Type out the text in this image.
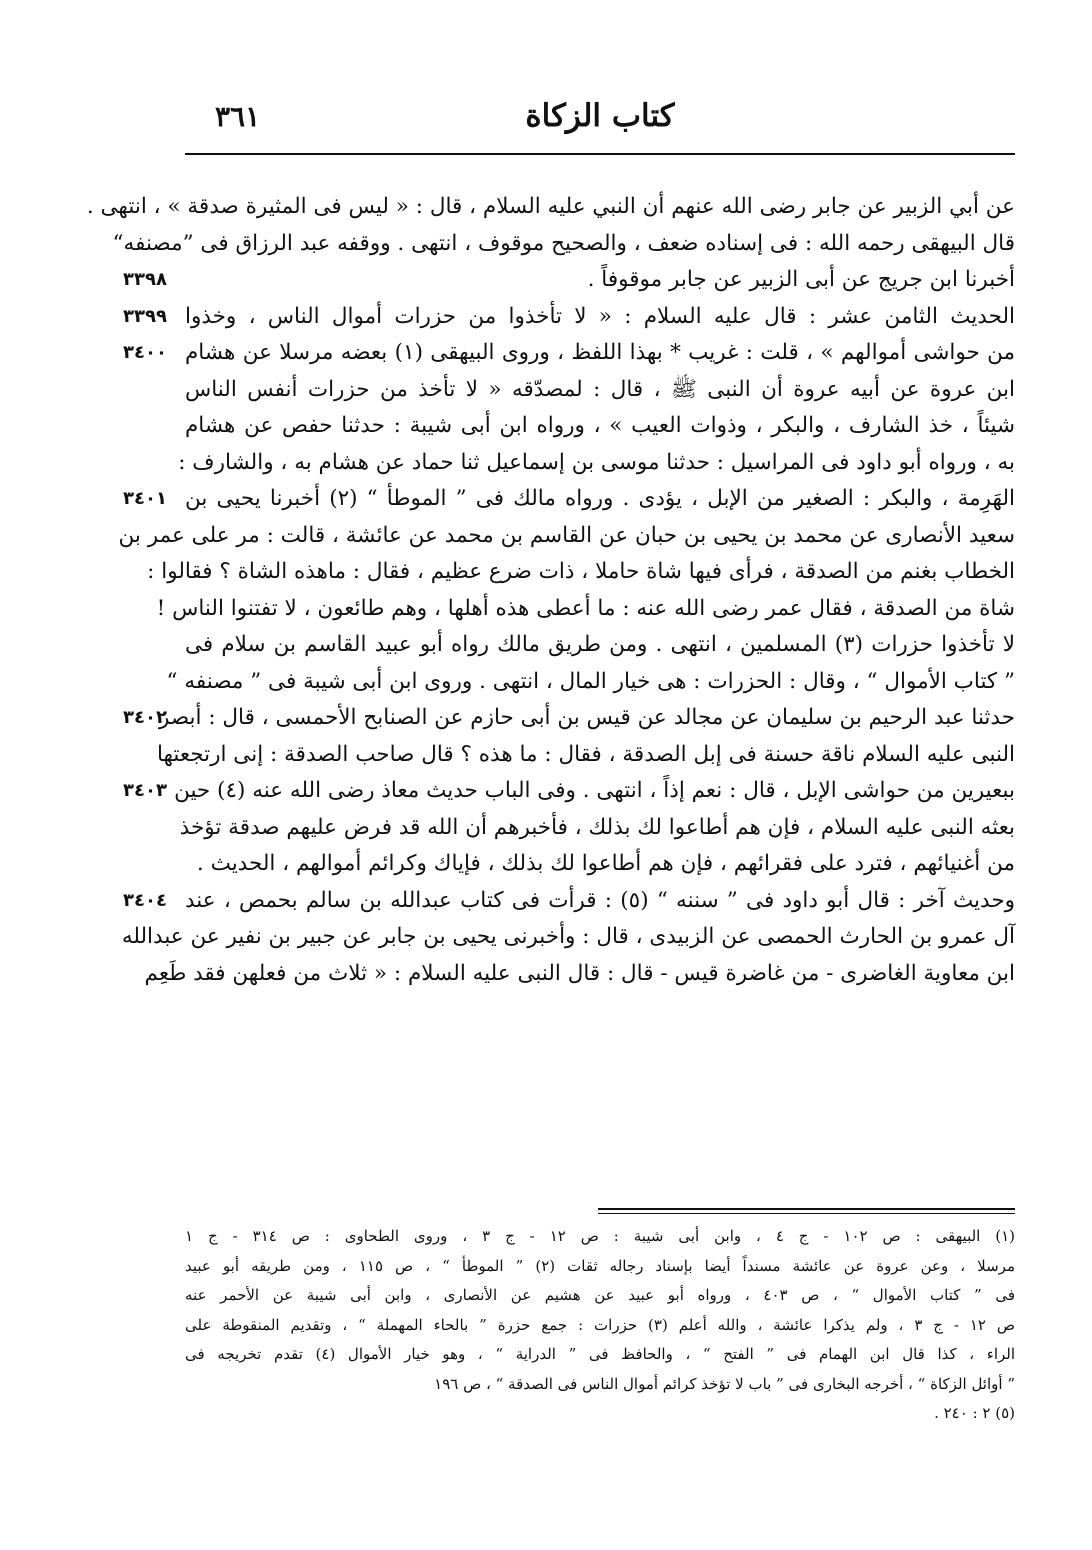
كتاب الزكاة
٣٦١
عن أبي الزبير عن جابر رضى الله عنهم أن النبي عليه السلام ، قال : « ليس فى المثيرة صدقة » ، انتهى .
قال البيهقى رحمه الله : فى إسناده ضعف ، والصحيح موقوف ، انتهى . ووقفه عبد الرزاق فى ”مصنفه“
أخبرنا ابن جريج عن أبى الزبير عن جابر موقوفاً .
٣٣٩٨
الحديث الثامن عشر : قال عليه السلام : « لا تأخذوا من حزرات أموال الناس ، وخذوا
٣٣٩٩
من حواشى أموالهم » ، قلت : غريب * بهذا اللفظ ، وروى البيهقى (١) بعضه مرسلا عن هشام
٣٤٠٠
ابن عروة عن أبيه عروة أن النبى ﷺ ، قال : لمصدّقه « لا تأخذ من حزرات أنفس الناس
شيئاً ، خذ الشارف ، والبكر ، وذوات العيب » ، ورواه ابن أبى شيبة : حدثنا حفص عن هشام
به ، ورواه أبو داود فى المراسيل : حدثنا موسى بن إسماعيل ثنا حماد عن هشام به ، والشارف :
الهَرِمة ، والبكر : الصغير من الإبل ، يؤدى . ورواه مالك فى ” الموطأ “ (٢) أخبرنا يحيى بن
٣٤٠١
سعيد الأنصارى عن محمد بن يحيى بن حبان عن القاسم بن محمد عن عائشة ، قالت : مر على عمر بن
الخطاب بغنم من الصدقة ، فرأى فيها شاة حاملا ، ذات ضرع عظيم ، فقال : ماهذه الشاة ؟ فقالوا :
شاة من الصدقة ، فقال عمر رضى الله عنه : ما أعطى هذه أهلها ، وهم طائعون ، لا تفتنوا الناس !
لا تأخذوا حزرات (٣) المسلمين ، انتهى . ومن طريق مالك رواه أبو عبيد القاسم بن سلام فى
” كتاب الأموال “ ، وقال : الحزرات : هى خيار المال ، انتهى . وروى ابن أبى شيبة فى ” مصنفه “
حدثنا عبد الرحيم بن سليمان عن مجالد عن قيس بن أبى حازم عن الصنابح الأحمسى ، قال : أبصر
٣٤٠٢
النبى عليه السلام ناقة حسنة فى إبل الصدقة ، فقال : ما هذه ؟ قال صاحب الصدقة : إنى ارتجعتها
ببعيرين من حواشى الإبل ، قال : نعم إذاً ، انتهى . وفى الباب حديث معاذ رضى الله عنه (٤) حين
٣٤٠٣
بعثه النبى عليه السلام ، فإن هم أطاعوا لك بذلك ، فأخبرهم أن الله قد فرض عليهم صدقة تؤخذ
من أغنيائهم ، فترد على فقرائهم ، فإن هم أطاعوا لك بذلك ، فإياك وكرائم أموالهم ، الحديث .
وحديث آخر : قال أبو داود فى ” سننه “ (٥) : قرأت فى كتاب عبدالله بن سالم بحمص ، عند
٣٤٠٤
آل عمرو بن الحارث الحمصى عن الزبيدى ، قال : وأخبرنى يحيى بن جابر عن جبير بن نفير عن عبدالله
ابن معاوية الغاضرى - من غاضرة قيس - قال : قال النبى عليه السلام : « ثلاث من فعلهن فقد طَعِم
(١) البيهقى : ص ١٠٢ - ج ٤ ، وابن أبى شيبة : ص ١٢ - ج ٣ ، وروى الطحاوى : ص ٣١٤ - ج ١
مرسلا ، وعن عروة عن عائشة مسنداً أيضا بإسناد رجاله ثقات (٢) ” الموطأ “ ، ص ١١٥ ، ومن طريقه أبو عبيد
فى ” كتاب الأموال “ ، ص ٤٠٣ ، ورواه أبو عبيد عن هشيم عن الأنصارى ، وابن أبى شيبة عن الأحمر عنه
ص ١٢ - ج ٣ ، ولم يذكرا عائشة ، والله أعلم (٣) حزرات : جمع حزرة ” بالحاء المهملة “ ، وتقديم المنقوطة على
الراء ، كذا قال ابن الهمام فى ” الفتح “ ، والحافظ فى ” الدراية “ ، وهو خيار الأموال (٤) تقدم تخريجه فى
” أوائل الزكاة “ ، أخرجه البخارى فى ” باب لا تؤخذ كرائم أموال الناس فى الصدقة “ ، ص ١٩٦
(٥) ٢ : ٢٤٠ .
